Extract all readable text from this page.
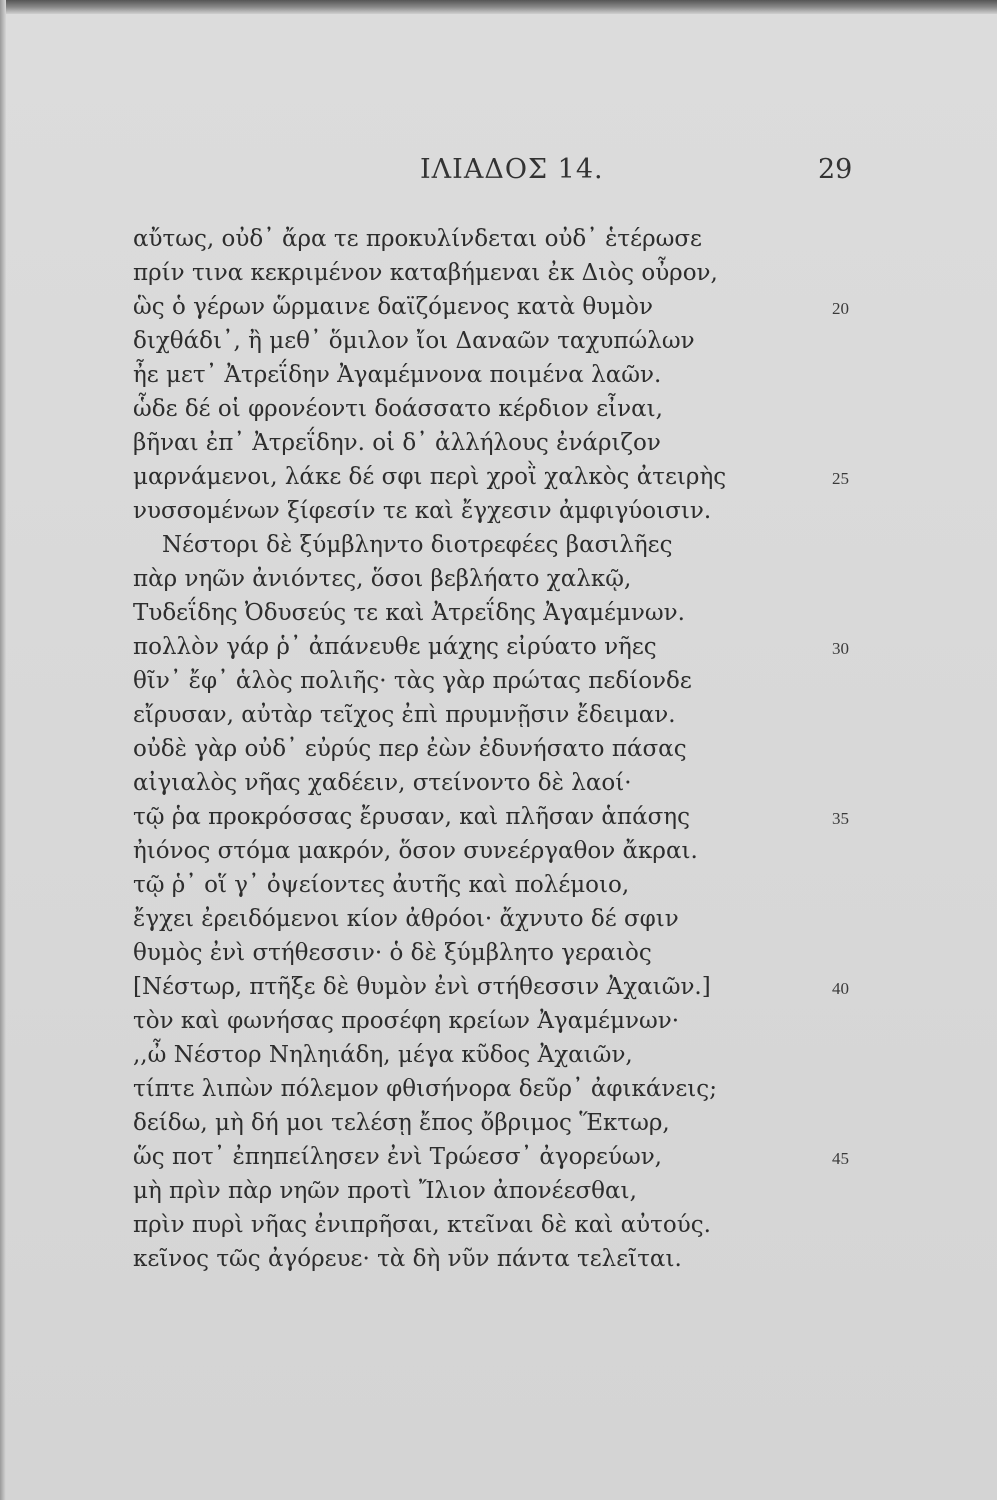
ΙΛΙΑΔΟΣ 14.	29
αὔτως, οὐδ᾽ ἄρα τε προκυλίνδεται οὐδ᾽ ἑτέρωσε
πρίν τινα κεκριμένον καταβήμεναι ἐκ Διὸς οὖρον,
ὣς ὁ γέρων ὥρμαινε δαϊζόμενος κατὰ θυμὸν	20
διχθάδι᾽, ἢ μεθ᾽ ὅμιλον ἴοι Δαναῶν ταχυπώλων
ἦε μετ᾽ Ἀτρεΐδην Ἀγαμέμνονα ποιμένα λαῶν.
ὧδε δέ οἱ φρονέοντι δοάσσατο κέρδιον εἶναι,
βῆναι ἐπ᾽ Ἀτρεΐδην. οἱ δ᾽ ἀλλήλους ἐνάριζον
μαρνάμενοι, λάκε δέ σφι περὶ χροῒ χαλκὸς ἀτειρὴς	25
νυσσομένων ξίφεσίν τε καὶ ἔγχεσιν ἀμφιγύοισιν.
Νέστορι δὲ ξύμβληντο διοτρεφέες βασιλῆες
πὰρ νηῶν ἀνιόντες, ὅσοι βεβλήατο χαλκῷ,
Τυδεΐδης Ὀδυσεύς τε καὶ Ἀτρεΐδης Ἀγαμέμνων.
πολλὸν γάρ ῥ᾽ ἀπάνευθε μάχης εἰρύατο νῆες	30
θῖν᾽ ἔφ᾽ ἁλὸς πολιῆς· τὰς γὰρ πρώτας πεδίονδε
εἴρυσαν, αὐτὰρ τεῖχος ἐπὶ πρυμνῇσιν ἔδειμαν.
οὐδὲ γὰρ οὐδ᾽ εὐρύς περ ἐὼν ἐδυνήσατο πάσας
αἰγιαλὸς νῆας χαδέειν, στείνοντο δὲ λαοί·
τῷ ῥα προκρόσσας ἔρυσαν, καὶ πλῆσαν ἁπάσης	35
ἠιόνος στόμα μακρόν, ὅσον συνεέργαθον ἄκραι.
τῷ ῥ᾽ οἵ γ᾽ ὀψείοντες ἀυτῆς καὶ πολέμοιο,
ἔγχει ἐρειδόμενοι κίον ἀθρόοι· ἄχνυτο δέ σφιν
θυμὸς ἐνὶ στήθεσσιν· ὁ δὲ ξύμβλητο γεραιὸς
[Νέστωρ, πτῆξε δὲ θυμὸν ἐνὶ στήθεσσιν Ἀχαιῶν.]	40
τὸν καὶ φωνήσας προσέφη κρείων Ἀγαμέμνων·
,,ὦ Νέστορ Νηληιάδη, μέγα κῦδος Ἀχαιῶν,
τίπτε λιπὼν πόλεμον φθισήνορα δεῦρ᾽ ἀφικάνεις;
δείδω, μὴ δή μοι τελέσῃ ἔπος ὄβριμος Ἕκτωρ,
ὥς ποτ᾽ ἐπηπείλησεν ἐνὶ Τρώεσσ᾽ ἀγορεύων,	45
μὴ πρὶν πὰρ νηῶν προτὶ Ἴλιον ἀπονέεσθαι,
πρὶν πυρὶ νῆας ἐνιπρῆσαι, κτεῖναι δὲ καὶ αὐτούς.
κεῖνος τῶς ἀγόρευε· τὰ δὴ νῦν πάντα τελεῖται.
